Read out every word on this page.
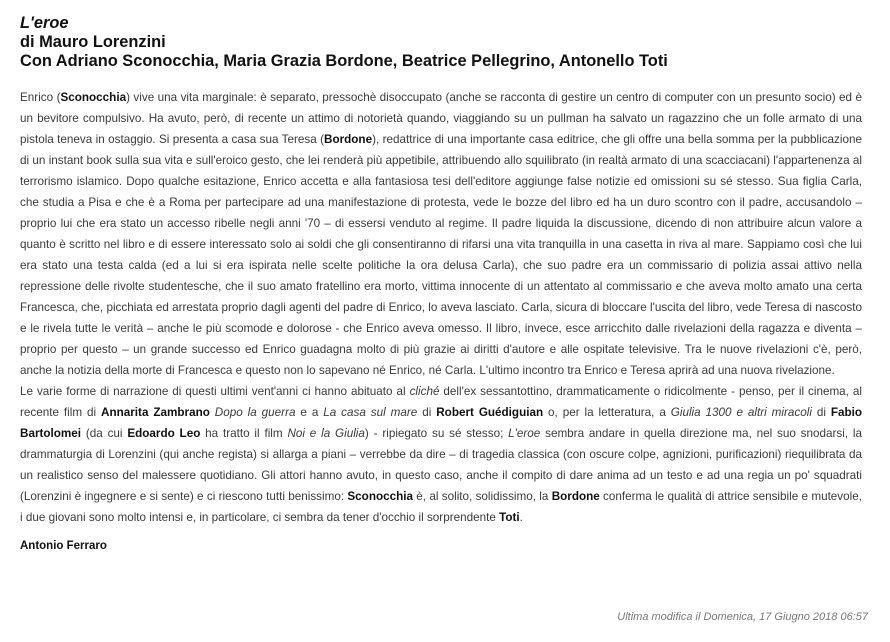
L'eroe
di Mauro Lorenzini
Con Adriano Sconocchia, Maria Grazia Bordone, Beatrice Pellegrino, Antonello Toti

Enrico (Sconocchia) vive una vita marginale: è separato, pressochè disoccupato (anche se racconta di gestire un centro di computer con un presunto socio) ed è un bevitore compulsivo. Ha avuto, però, di recente un attimo di notorietà quando, viaggiando su un pullman ha salvato un ragazzino che un folle armato di una pistola teneva in ostaggio. Si presenta a casa sua Teresa (Bordone), redattrice di una importante casa editrice, che gli offre una bella somma per la pubblicazione di un instant book sulla sua vita e sull'eroico gesto, che lei renderà più appetibile, attribuendo allo squilibrato (in realtà armato di una scacciacani) l'appartenenza al terrorismo islamico. Dopo qualche esitazione, Enrico accetta e alla fantasiosa tesi dell'editore aggiunge false notizie ed omissioni su sé stesso. Sua figlia Carla, che studia a Pisa e che è a Roma per partecipare ad una manifestazione di protesta, vede le bozze del libro ed ha un duro scontro con il padre, accusandolo – proprio lui che era stato un accesso ribelle negli anni '70 – di essersi venduto al regime. Il padre liquida la discussione, dicendo di non attribuire alcun valore a quanto è scritto nel libro e di essere interessato solo ai soldi che gli consentiranno di rifarsi una vita tranquilla in una casetta in riva al mare. Sappiamo così che lui era stato una testa calda (ed a lui si era ispirata nelle scelte politiche la ora delusa Carla), che suo padre era un commissario di polizia assai attivo nella repressione delle rivolte studentesche, che il suo amato fratellino era morto, vittima innocente di un attentato al commissario e che aveva molto amato una certa Francesca, che, picchiata ed arrestata proprio dagli agenti del padre di Enrico, lo aveva lasciato. Carla, sicura di bloccare l'uscita del libro, vede Teresa di nascosto e le rivela tutte le verità – anche le più scomode e dolorose - che Enrico aveva omesso. Il libro, invece, esce arricchito dalle rivelazioni della ragazza e diventa – proprio per questo – un grande successo ed Enrico guadagna molto di più grazie ai diritti d'autore e alle ospitate televisive. Tra le nuove rivelazioni c'è, però, anche la notizia della morte di Francesca e questo non lo sapevano né Enrico, né Carla. L'ultimo incontro tra Enrico e Teresa aprirà ad una nuova rivelazione.

Le varie forme di narrazione di questi ultimi vent'anni ci hanno abituato al cliché dell'ex sessantottino, drammaticamente o ridicolmente - penso, per il cinema, al recente film di Annarita Zambrano Dopo la guerra e a La casa sul mare di Robert Guédiguian o, per la letteratura, a Giulia 1300 e altri miracoli di Fabio Bartolomei (da cui Edoardo Leo ha tratto il film Noi e la Giulia) - ripiegato su sé stesso; L'eroe sembra andare in quella direzione ma, nel suo snodarsi, la drammaturgia di Lorenzini (qui anche regista) si allarga a piani – verrebbe da dire – di tragedia classica (con oscure colpe, agnizioni, purificazioni) riequilibrata da un realistico senso del malessere quotidiano. Gli attori hanno avuto, in questo caso, anche il compito di dare anima ad un testo e ad una regia un po' squadrati (Lorenzini è ingegnere e si sente) e ci riescono tutti benissimo: Sconocchia è, al solito, solidissimo, la Bordone conferma le qualità di attrice sensibile e mutevole, i due giovani sono molto intensi e, in particolare, ci sembra da tener d'occhio il sorprendente Toti.

Antonio Ferraro
Ultima modifica il Domenica, 17 Giugno 2018 06:57
